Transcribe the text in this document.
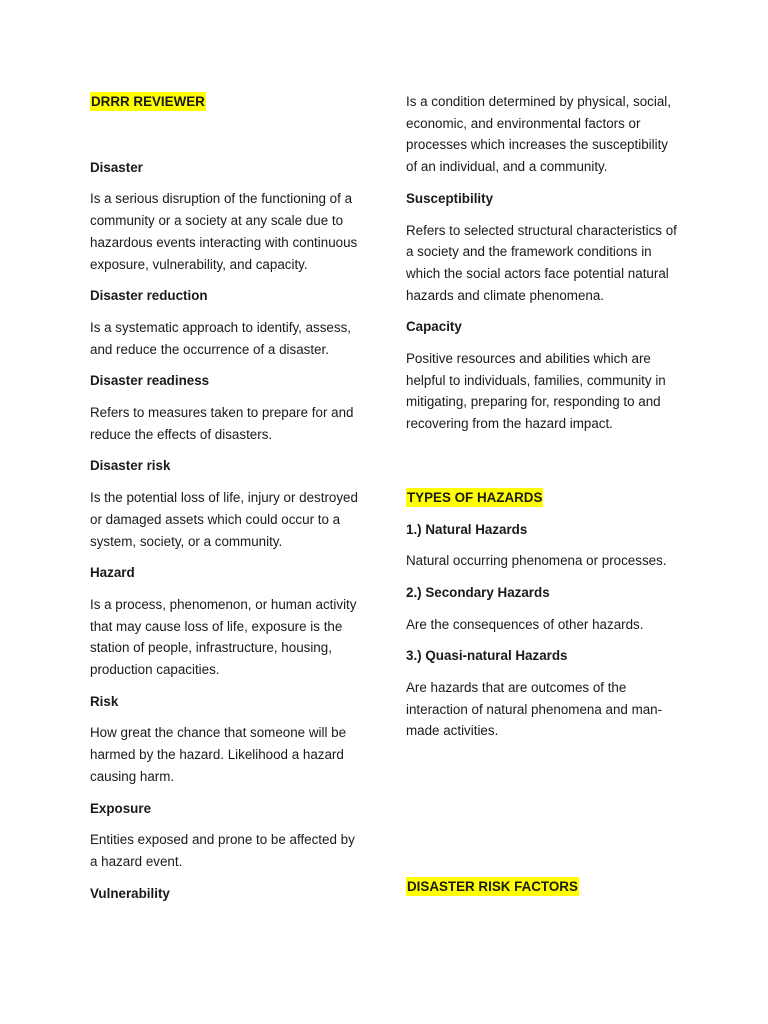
DRRR REVIEWER
Disaster
Is a serious disruption of the functioning of a community or a society at any scale due to hazardous events interacting with continuous exposure, vulnerability, and capacity.
Disaster reduction
Is a systematic approach to identify, assess, and reduce the occurrence of a disaster.
Disaster readiness
Refers to measures taken to prepare for and reduce the effects of disasters.
Disaster risk
Is the potential loss of life, injury or destroyed or damaged assets which could occur to a system, society, or a community.
Hazard
Is a process, phenomenon, or human activity that may cause loss of life, exposure is the station of people, infrastructure, housing, production capacities.
Risk
How great the chance that someone will be harmed by the hazard. Likelihood a hazard causing harm.
Exposure
Entities exposed and prone to be affected by a hazard event.
Vulnerability
Is a condition determined by physical, social, economic, and environmental factors or processes which increases the susceptibility of an individual, and a community.
Susceptibility
Refers to selected structural characteristics of a society and the framework conditions in which the social actors face potential natural hazards and climate phenomena.
Capacity
Positive resources and abilities which are helpful to individuals, families, community in mitigating, preparing for, responding to and recovering from the hazard impact.
TYPES OF HAZARDS
1.) Natural Hazards
Natural occurring phenomena or processes.
2.) Secondary Hazards
Are the consequences of other hazards.
3.) Quasi-natural Hazards
Are hazards that are outcomes of the interaction of natural phenomena and man-made activities.
DISASTER RISK FACTORS
